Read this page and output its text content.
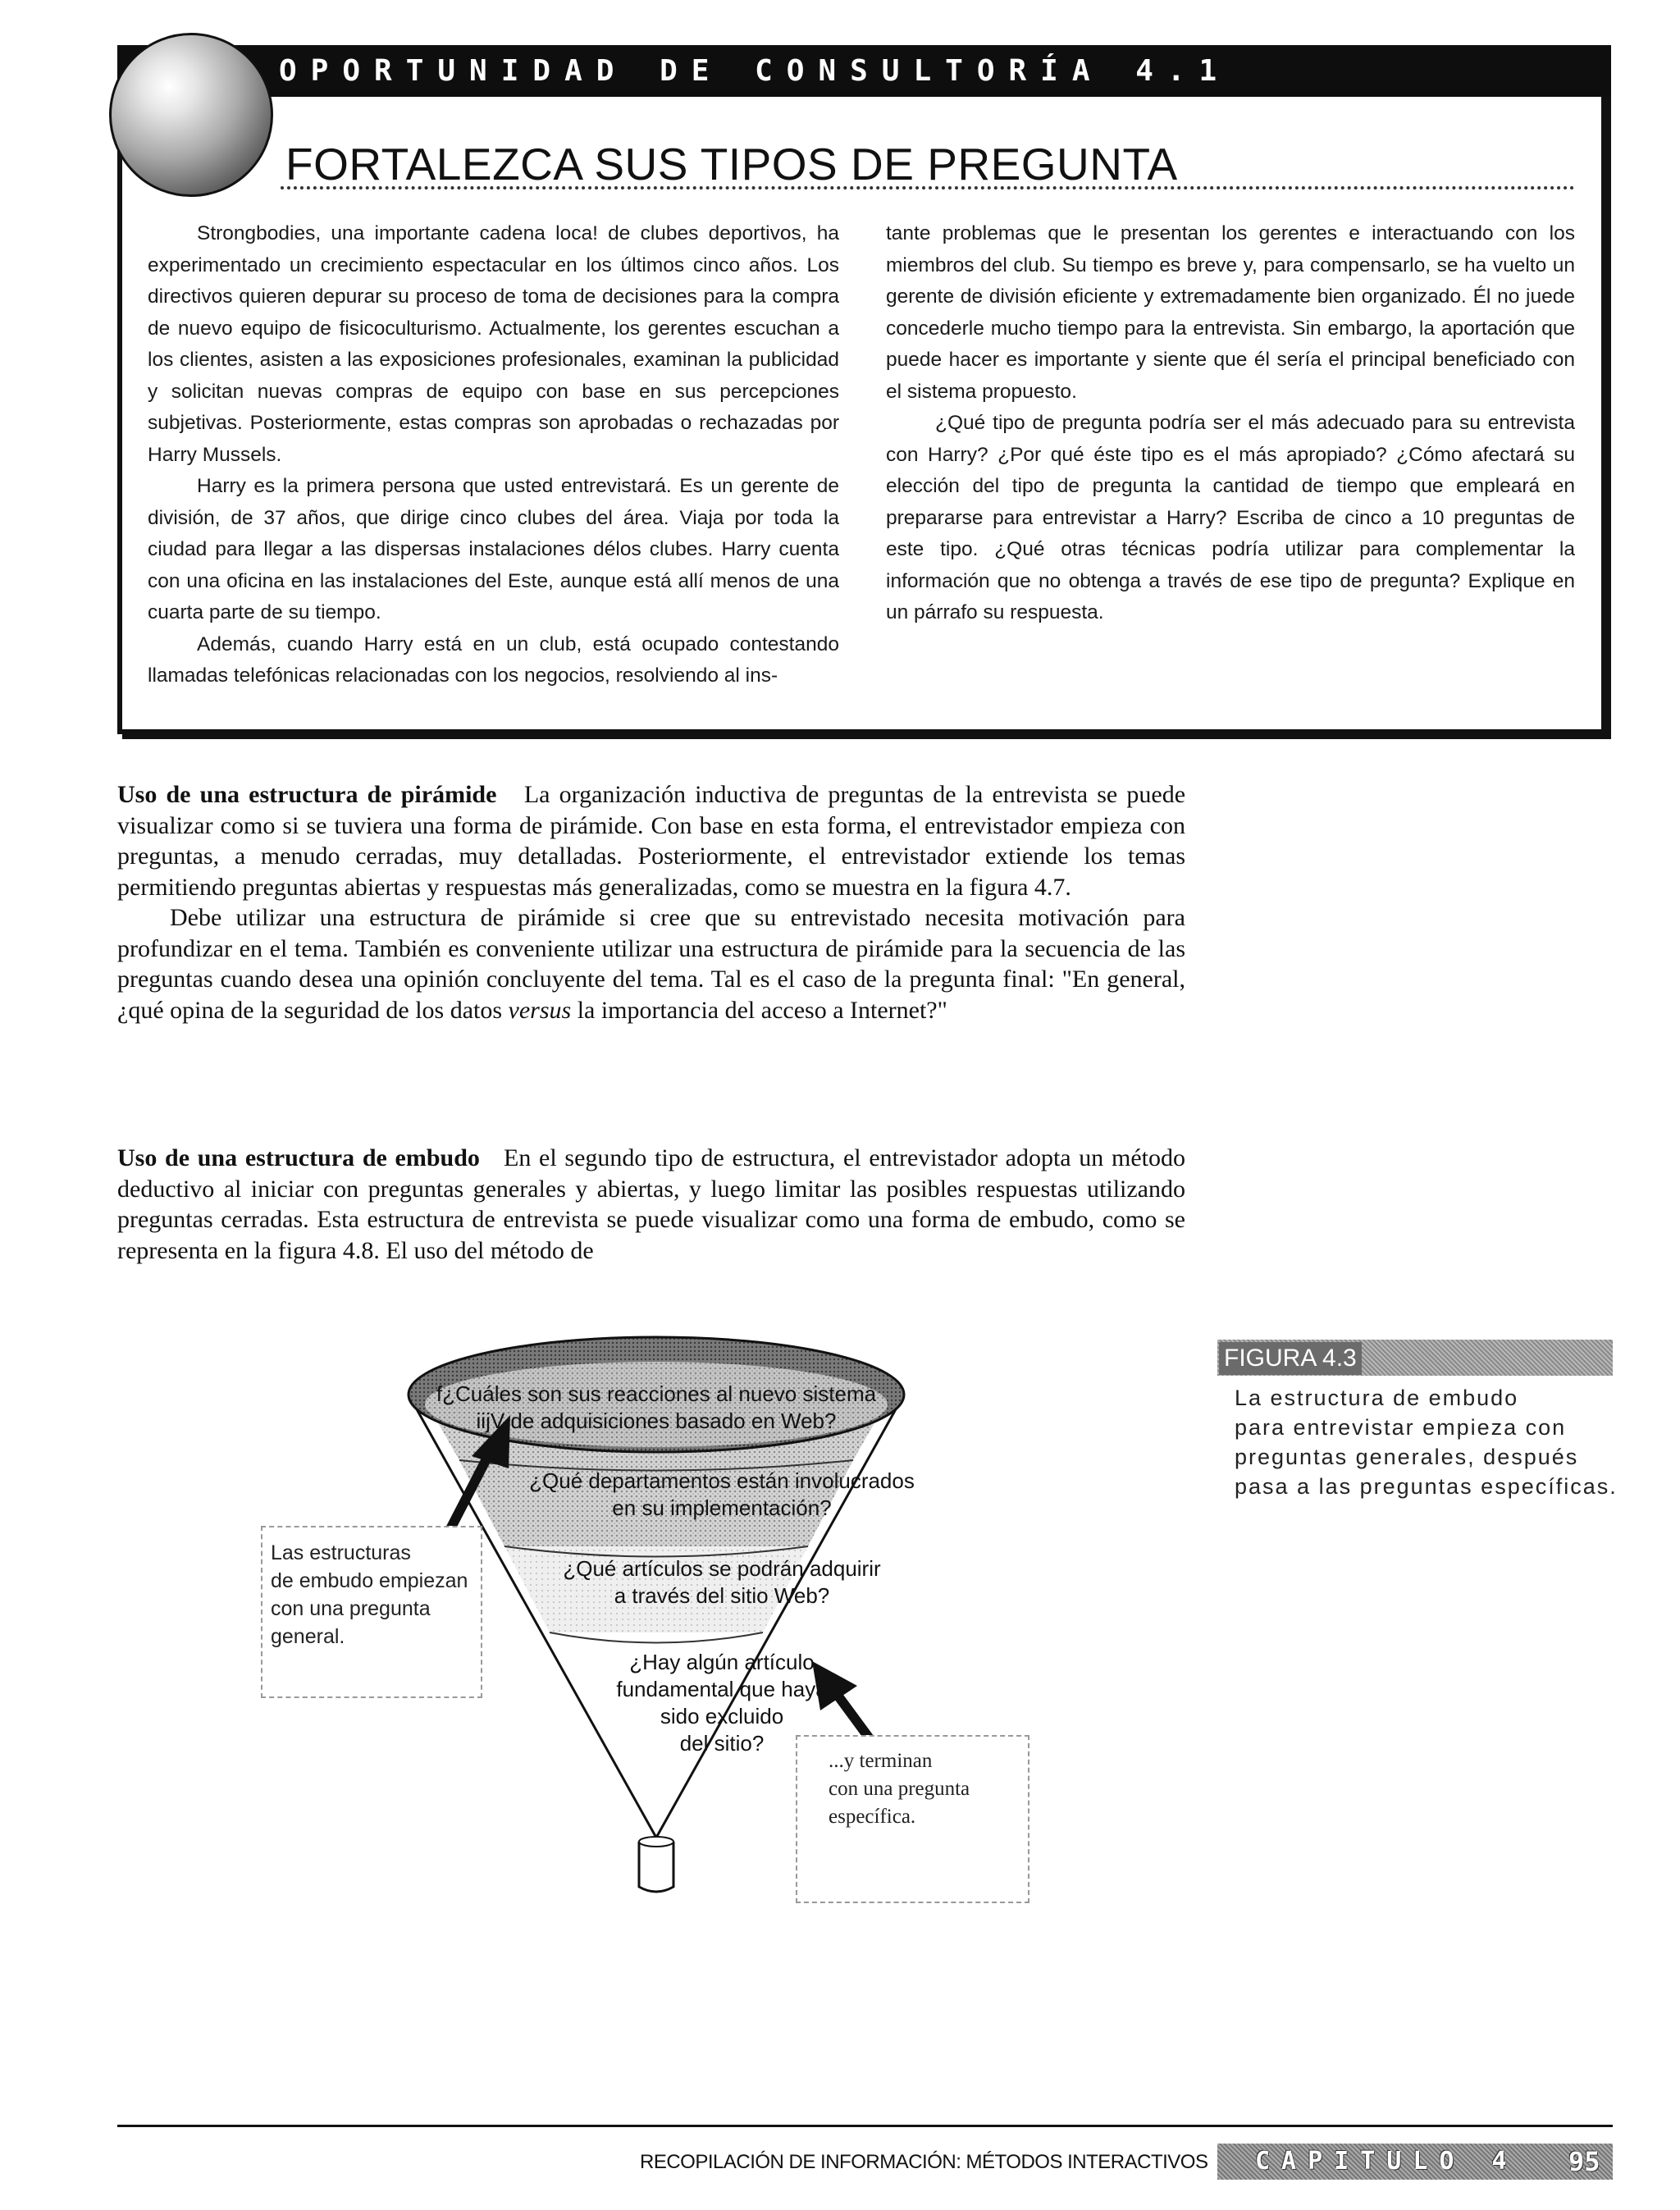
OPORTUNIDAD DE CONSULTORÍA 4.1
FORTALEZCA SUS TIPOS DE PREGUNTA

Strongbodies, una importante cadena loca! de clubes deportivos, ha experimentado un crecimiento espectacular en los últimos cinco años. Los directivos quieren depurar su proceso de toma de decisiones para la compra de nuevo equipo de fisicoculturismo. Actualmente, los gerentes escuchan a los clientes, asisten a las exposiciones profesionales, examinan la publicidad y solicitan nuevas compras de equipo con base en sus percepciones subjetivas. Posteriormente, estas compras son aprobadas o rechazadas por Harry Mussels.

Harry es la primera persona que usted entrevistará. Es un gerente de división, de 37 años, que dirige cinco clubes del área. Viaja por toda la ciudad para llegar a las dispersas instalaciones délos clubes. Harry cuenta con una oficina en las instalaciones del Este, aunque está allí menos de una cuarta parte de su tiempo.

Además, cuando Harry está en un club, está ocupado contestando llamadas telefónicas relacionadas con los negocios, resolviendo al ins-

tante problemas que le presentan los gerentes e interactuando con los miembros del club. Su tiempo es breve y, para compensarlo, se ha vuelto un gerente de división eficiente y extremadamente bien organizado. Él no juede concederle mucho tiempo para la entrevista. Sin embargo, la aportación que puede hacer es importante y siente que él sería el principal beneficiado con el sistema propuesto.

¿Qué tipo de pregunta podría ser el más adecuado para su entrevista con Harry? ¿Por qué éste tipo es el más apropiado? ¿Cómo afectará su elección del tipo de pregunta la cantidad de tiempo que empleará en prepararse para entrevistar a Harry? Escriba de cinco a 10 preguntas de este tipo. ¿Qué otras técnicas podría utilizar para complementar la información que no obtenga a través de ese tipo de pregunta? Explique en un párrafo su respuesta.

Uso de una estructura de pirámide La organización inductiva de preguntas de la entrevista se puede visualizar como si se tuviera una forma de pirámide. Con base en esta forma, el entrevistador empieza con preguntas, a menudo cerradas, muy detalladas. Posteriormente, el entrevistador extiende los temas permitiendo preguntas abiertas y respuestas más generalizadas, como se muestra en la figura 4.7.

Debe utilizar una estructura de pirámide si cree que su entrevistado necesita motivación para profundizar en el tema. También es conveniente utilizar una estructura de pirámide para la secuencia de las preguntas cuando desea una opinión concluyente del tema. Tal es el caso de la pregunta final: "En general, ¿qué opina de la seguridad de los datos versus la importancia del acceso a Internet?"

Uso de una estructura de embudo En el segundo tipo de estructura, el entrevistador adopta un método deductivo al iniciar con preguntas generales y abiertas, y luego limitar las posibles respuestas utilizando preguntas cerradas. Esta estructura de entrevista se puede visualizar como una forma de embudo, como se representa en la figura 4.8. El uso del método de

f¿Cuáles son sus reacciones al nuevo sistema
iijV de adquisiciones basado en Web?
¿Qué departamentos están involucrados
en su implementación?
¿Qué artículos se podrán adquirir
a través del sitio Web?
¿Hay algún artículo
fundamental que haya
sido excluido
del sitio?
Las estructuras
de embudo empiezan
con una pregunta
general.
...y terminan
con una pregunta
específica.
FIGURA 4.3
La estructura de embudo
para entrevistar empieza con
preguntas generales, después
pasa a las preguntas específicas.
RECOPILACIÓN DE INFORMACIÓN: MÉTODOS INTERACTIVOS CAPITULO 4 95
